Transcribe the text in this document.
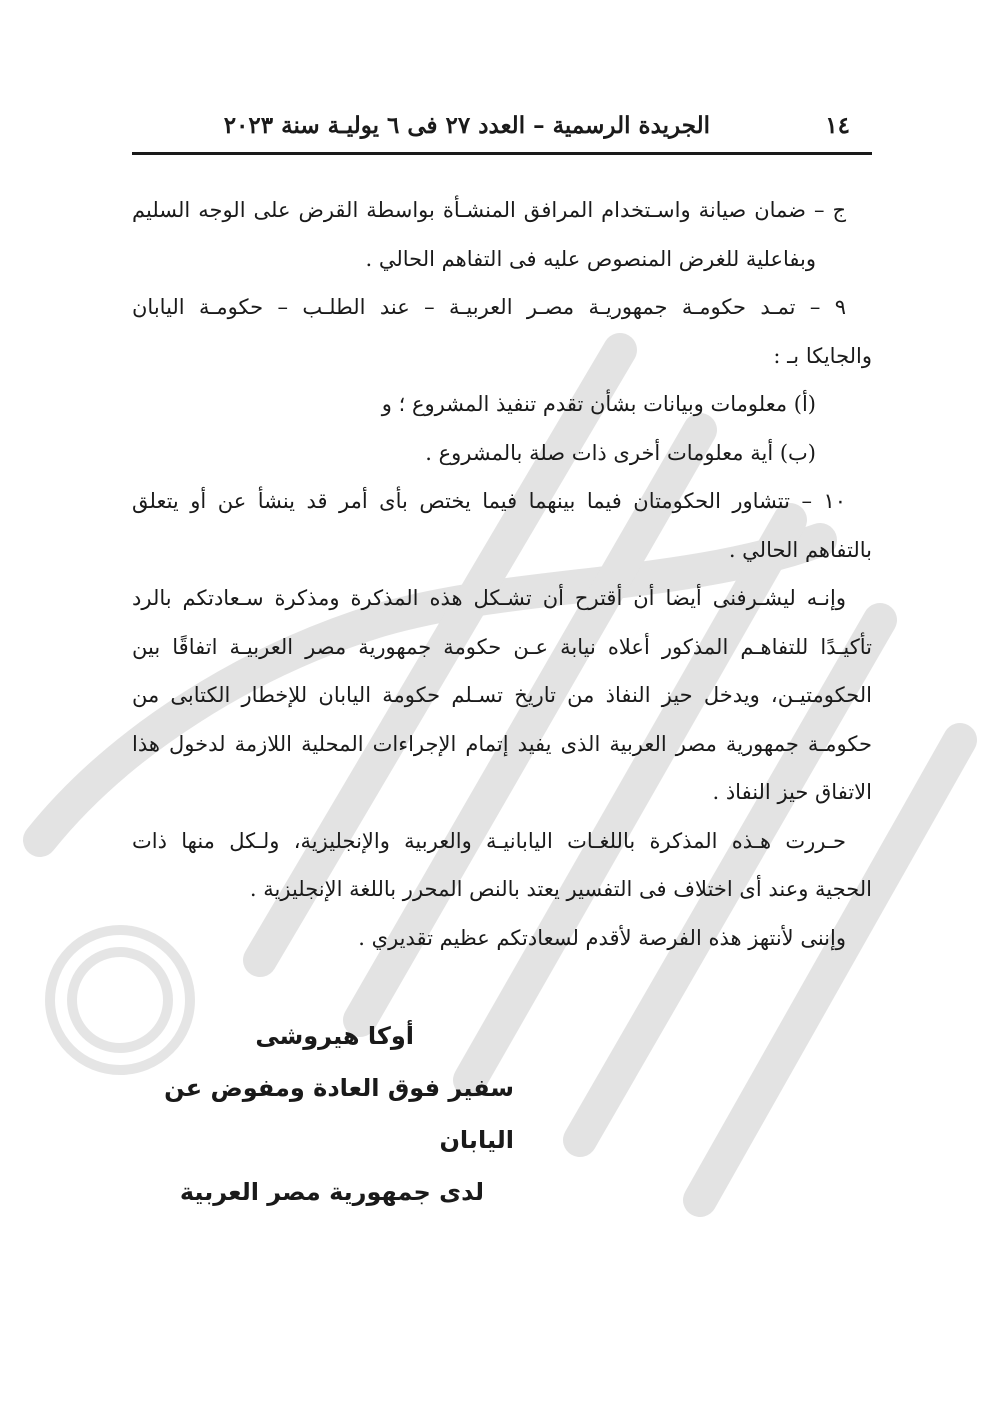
١٤
الجريدة الرسمية – العدد ٢٧ فى ٦ يوليـة سنة ٢٠٢٣
ج – ضمان صيانة واسـتخدام المرافق المنشـأة بواسطة القرض على الوجه السليم
وبفاعلية للغرض المنصوص عليه فى التفاهم الحالي .
٩ – تمـد حكومـة جمهوريـة مصـر العربيـة – عند الطلـب – حكومـة اليابان
والجايكا بـ :
(أ) معلومات وبيانات بشأن تقدم تنفيذ المشروع ؛ و
(ب) أية معلومات أخرى ذات صلة بالمشروع .
١٠ – تتشاور الحكومتان فيما بينهما فيما يختص بأى أمر قد ينشأ عن أو يتعلق
بالتفاهم الحالي .
وإنـه ليشـرفنى أيضا أن أقترح أن تشـكل هذه المذكرة ومذكرة سـعادتكم بالرد
تأكيـدًا للتفاهـم المذكور أعلاه نيابة عـن حكومة جمهورية مصر العربيـة اتفاقًا بين
الحكومتيـن، ويدخل حيز النفاذ من تاريخ تسـلم حكومة اليابان للإخطار الكتابى من
حكومـة جمهورية مصر العربية الذى يفيد إتمام الإجراءات المحلية اللازمة لدخول هذا
الاتفاق حيز النفاذ .
حـررت هـذه المذكرة باللغـات اليابانيـة والعربية والإنجليزية، ولـكل منها ذات
الحجية وعند أى اختلاف فى التفسير يعتد بالنص المحرر باللغة الإنجليزية .
وإننى لأنتهز هذه الفرصة لأقدم لسعادتكم عظيم تقديري .
أوكا هيروشى
سفير فوق العادة ومفوض عن اليابان
لدى جمهورية مصر العربية
